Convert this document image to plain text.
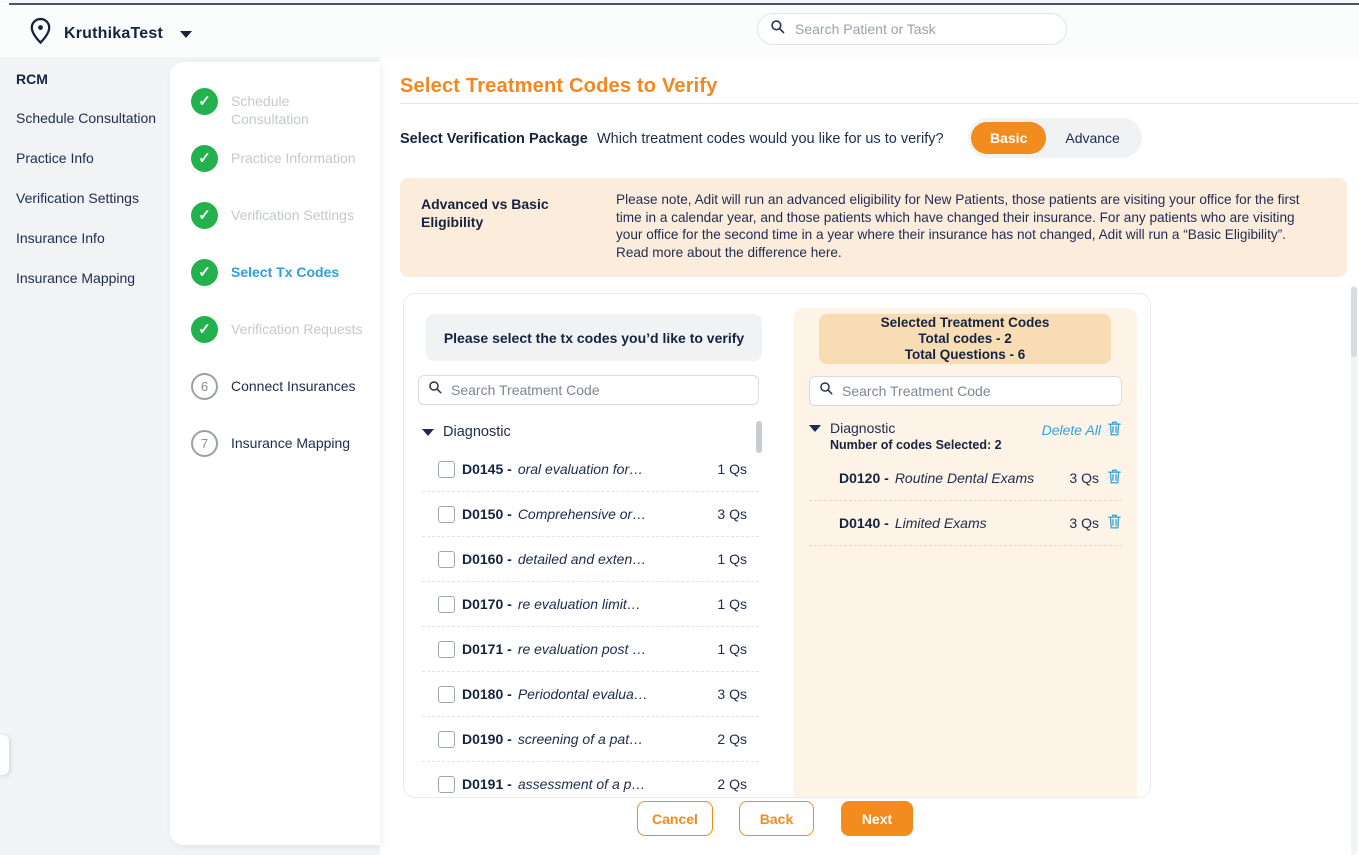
KruthikaTest
Search Patient or Task
RCM
Schedule Consultation
Practice Info
Verification Settings
Insurance Info
Insurance Mapping
✓
Schedule Consultation
✓
Practice Information
✓
Verification Settings
✓
Select Tx Codes
✓
Verification Requests
6 Connect Insurances
7 Insurance Mapping
Select Treatment Codes to Verify
Select Verification Package Which treatment codes would you like for us to verify?	Basic	Advance
Advanced vs Basic Eligibility
Please note, Adit will run an advanced eligibility for New Patients, those patients are visiting your office for the first time in a calendar year, and those patients which have changed their insurance. For any patients who are visiting your office for the second time in a year where their insurance has not changed, Adit will run a “Basic Eligibility”. Read more about the difference here.
Please select the tx codes you’d like to verify
Search Treatment Code
Diagnostic
D0145 - oral evaluation for…	1 Qs
D0150 - Comprehensive or…	3 Qs
D0160 - detailed and exten…	1 Qs
D0170 - re evaluation limit…	1 Qs
D0171 - re evaluation post …	1 Qs
D0180 - Periodontal evalua…	3 Qs
D0190 - screening of a pat…	2 Qs
D0191 - assessment of a p…	2 Qs
Selected Treatment Codes
Total codes - 2
Total Questions - 6
Search Treatment Code
Diagnostic
Number of codes Selected: 2
Delete All
D0120 - Routine Dental Exams	3 Qs
D0140 - Limited Exams	3 Qs
Cancel	Back	Next
